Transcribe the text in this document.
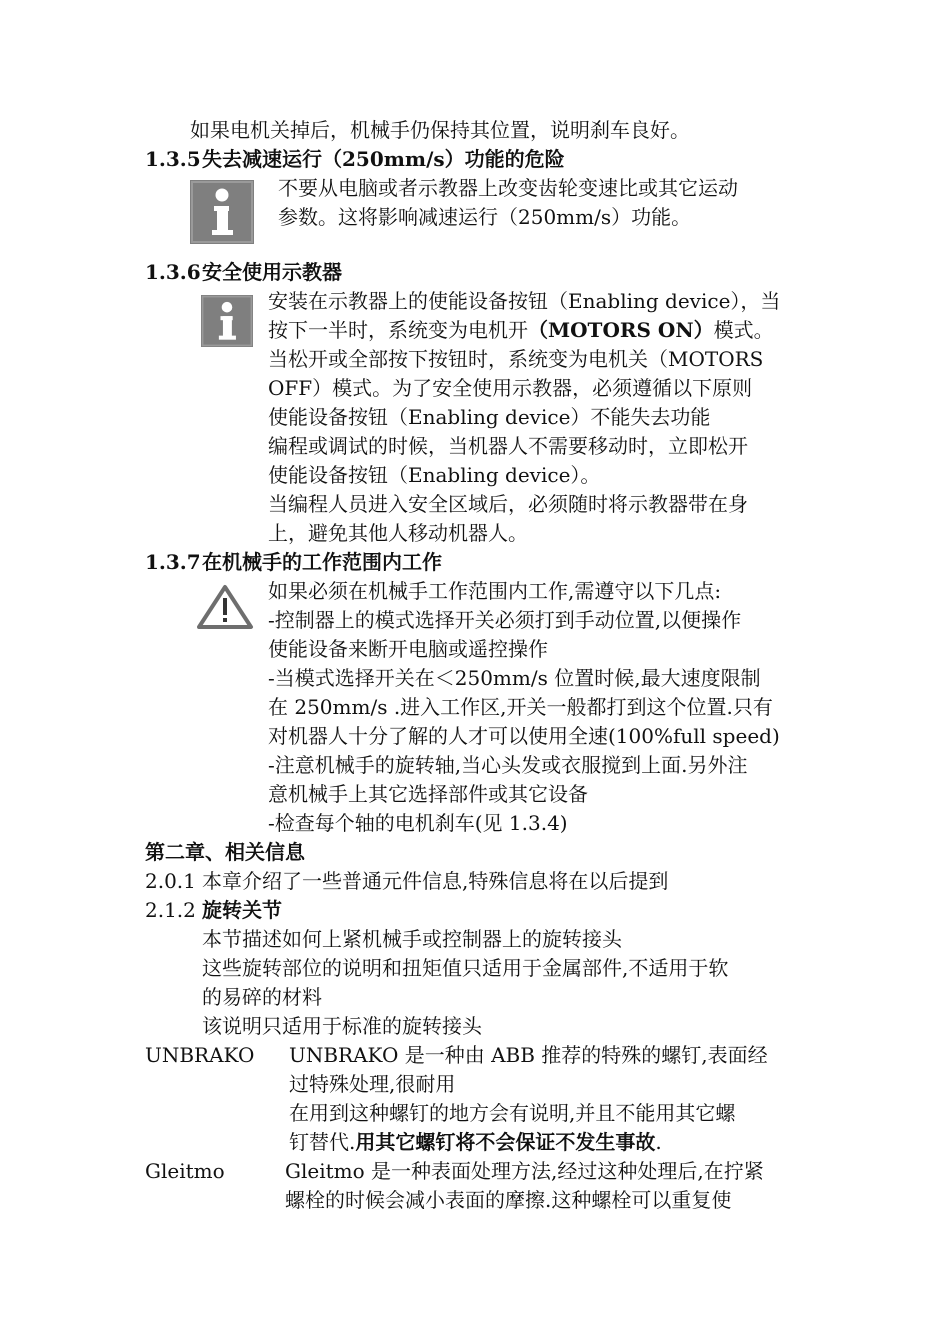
如果电机关掉后，机械手仍保持其位置，说明刹车良好。
1.3.5失去减速运行（250mm/s）功能的危险
不要从电脑或者示教器上改变齿轮变速比或其它运动
参数。这将影响减速运行（250mm/s）功能。
1.3.6安全使用示教器
安装在示教器上的使能设备按钮（Enabling device），当
按下一半时，系统变为电机开（MOTORS ON）模式。
当松开或全部按下按钮时，系统变为电机关（MOTORS
OFF）模式。为了安全使用示教器，必须遵循以下原则
使能设备按钮（Enabling device）不能失去功能
编程或调试的时候，当机器人不需要移动时，立即松开
使能设备按钮（Enabling device）。
当编程人员进入安全区域后，必须随时将示教器带在身
上，避免其他人移动机器人。
1.3.7在机械手的工作范围内工作
如果必须在机械手工作范围内工作,需遵守以下几点:
-控制器上的模式选择开关必须打到手动位置,以便操作
使能设备来断开电脑或遥控操作
-当模式选择开关在＜250mm/s 位置时候,最大速度限制
在 250mm/s .进入工作区,开关一般都打到这个位置.只有
对机器人十分了解的人才可以使用全速(100%full speed)
-注意机械手的旋转轴,当心头发或衣服搅到上面.另外注
意机械手上其它选择部件或其它设备
-检查每个轴的电机刹车(见 1.3.4)
第二章、相关信息
2.0.1 本章介绍了一些普通元件信息,特殊信息将在以后提到
2.1.2 旋转关节
本节描述如何上紧机械手或控制器上的旋转接头
这些旋转部位的说明和扭矩值只适用于金属部件,不适用于软
的易碎的材料
该说明只适用于标准的旋转接头
UNBRAKO UNBRAKO 是一种由 ABB 推荐的特殊的螺钉,表面经
过特殊处理,很耐用
在用到这种螺钉的地方会有说明,并且不能用其它螺
钉替代.用其它螺钉将不会保证不发生事故.
Gleitmo	Gleitmo 是一种表面处理方法,经过这种处理后,在拧紧
螺栓的时候会减小表面的摩擦.这种螺栓可以重复使
